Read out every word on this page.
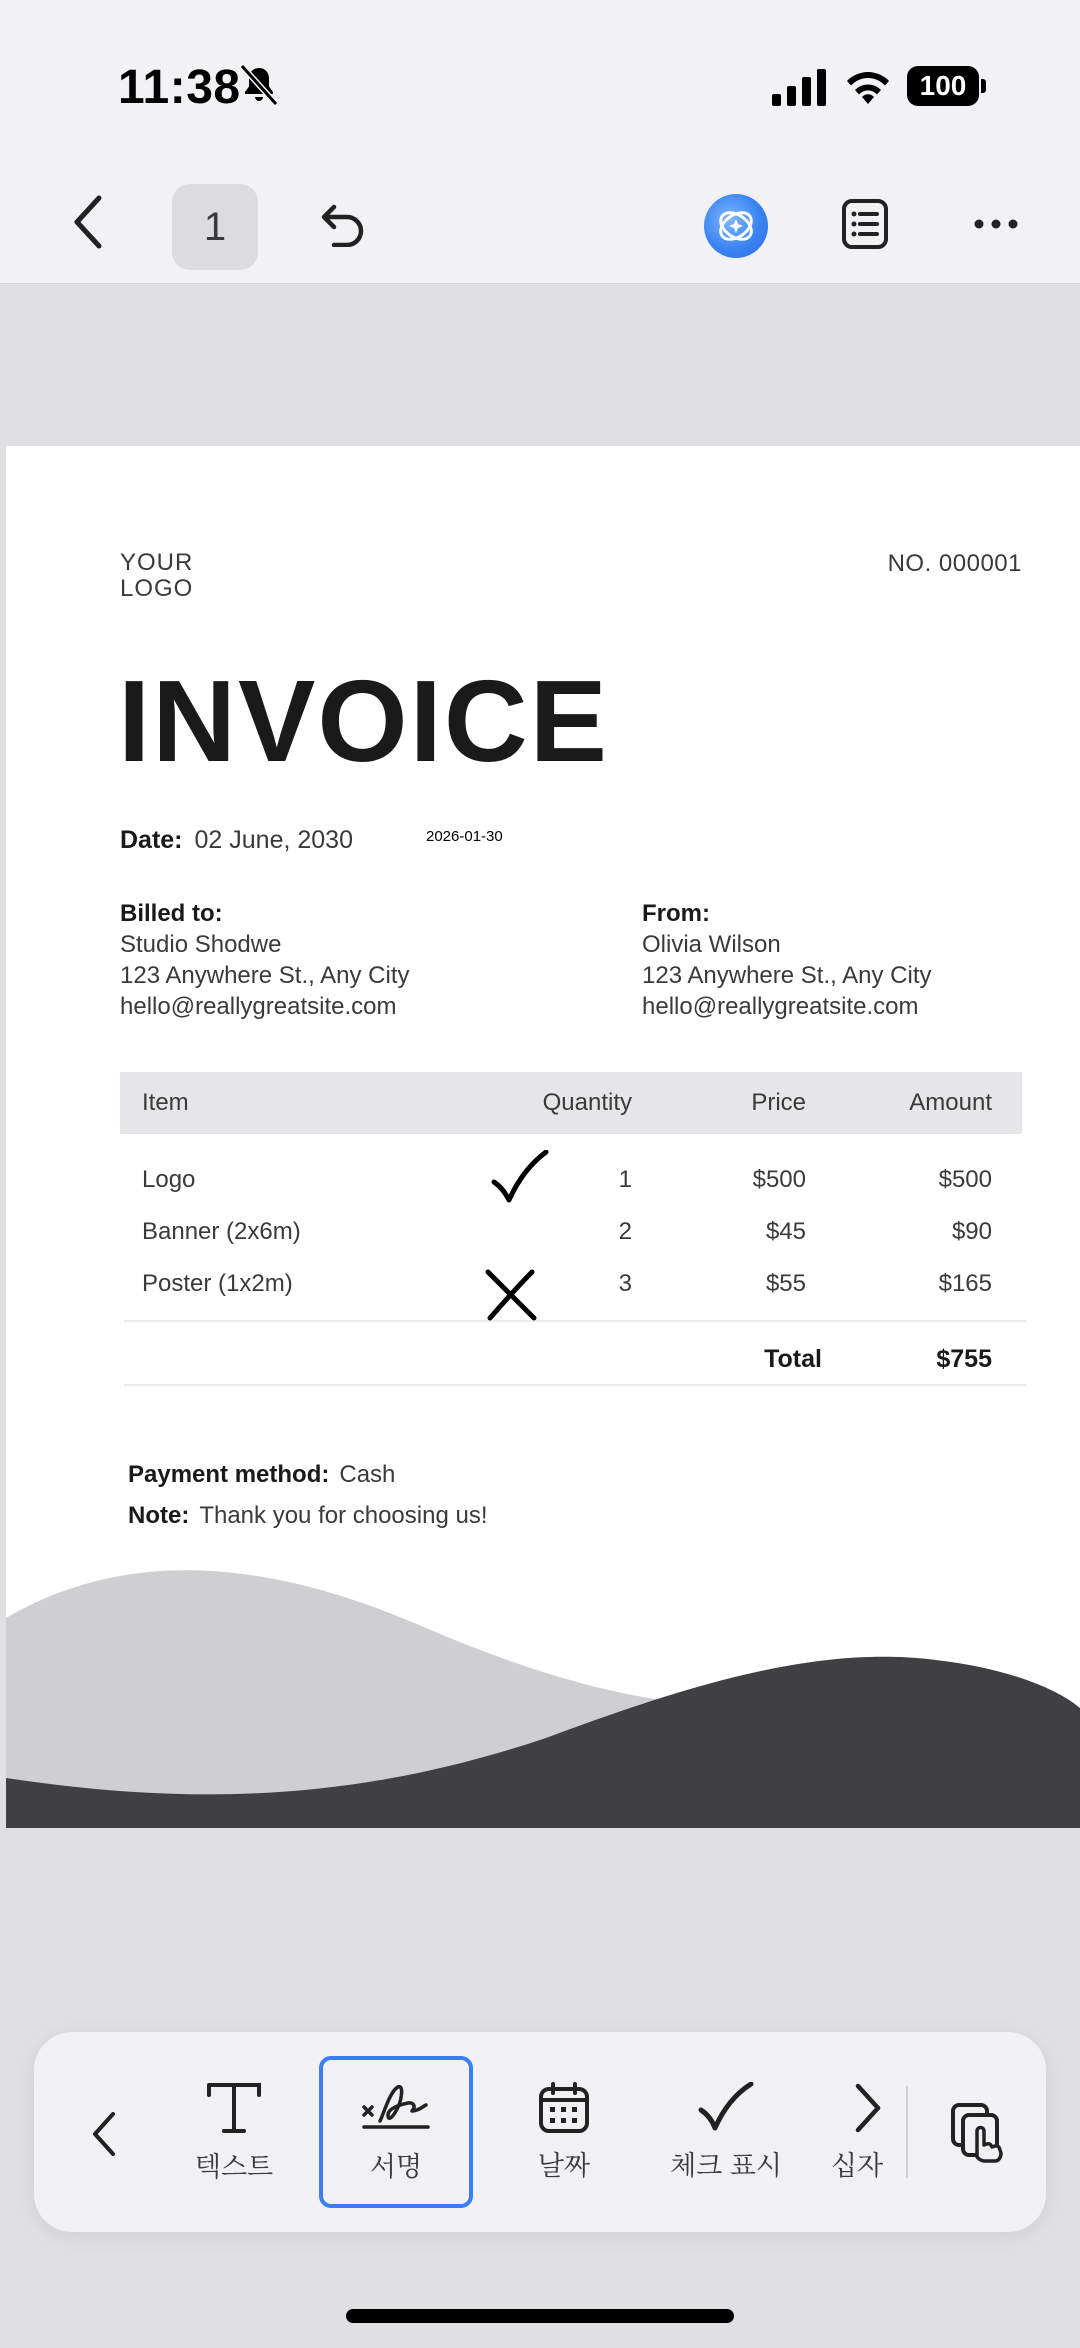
11:38	100
1
YOUR LOGO
NO. 000001
INVOICE
Date: 02 June, 2030	2026-01-30
Billed to:
Studio Shodwe
123 Anywhere St., Any City
hello@reallygreatsite.com
From:
Olivia Wilson
123 Anywhere St., Any City
hello@reallygreatsite.com
Item	Quantity	Price	Amount
Logo	1	$500	$500
Banner (2x6m)	2	$45	$90
Poster (1x2m)	3	$55	$165
Total	$755
Payment method: Cash
Note: Thank you for choosing us!
텍스트	서명	날짜	체크 표시 십자
